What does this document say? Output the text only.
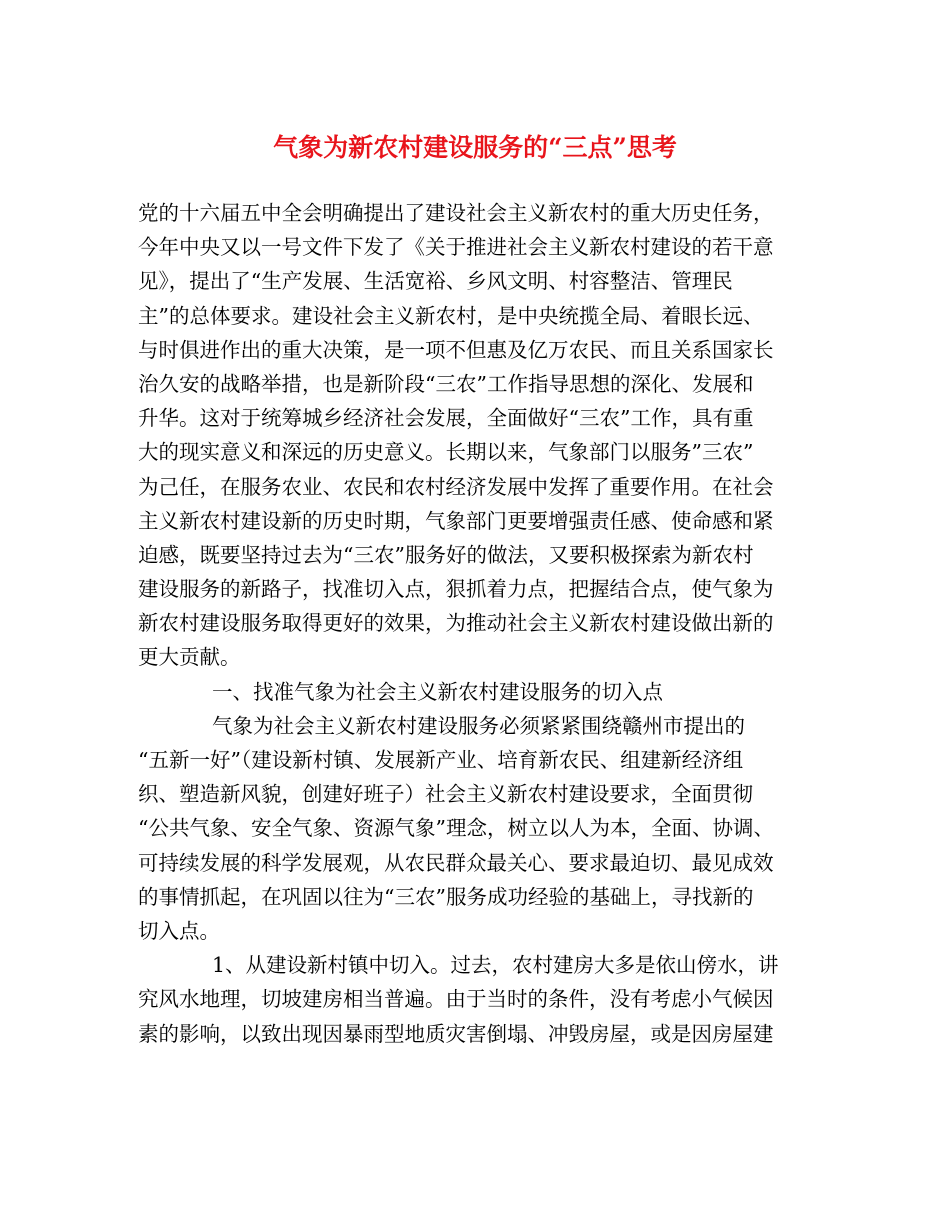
气象为新农村建设服务的“三点”思考
党的十六届五中全会明确提出了建设社会主义新农村的重大历史任务，
今年中央又以一号文件下发了《关于推进社会主义新农村建设的若干意
见》，提出了“生产发展、生活宽裕、乡风文明、村容整洁、管理民
主”的总体要求。建设社会主义新农村，是中央统揽全局、着眼长远、
与时俱进作出的重大决策，是一项不但惠及亿万农民、而且关系国家长
治久安的战略举措，也是新阶段“三农”工作指导思想的深化、发展和
升华。这对于统筹城乡经济社会发展，全面做好“三农”工作，具有重
大的现实意义和深远的历史意义。长期以来，气象部门以服务”三农”
为己任，在服务农业、农民和农村经济发展中发挥了重要作用。在社会
主义新农村建设新的历史时期，气象部门更要增强责任感、使命感和紧
迫感，既要坚持过去为“三农”服务好的做法，又要积极探索为新农村
建设服务的新路子，找准切入点，狠抓着力点，把握结合点，使气象为
新农村建设服务取得更好的效果，为推动社会主义新农村建设做出新的
更大贡献。
一、找准气象为社会主义新农村建设服务的切入点
气象为社会主义新农村建设服务必须紧紧围绕赣州市提出的
“五新一好”（建设新村镇、发展新产业、培育新农民、组建新经济组
织、塑造新风貌，创建好班子）社会主义新农村建设要求，全面贯彻
“公共气象、安全气象、资源气象”理念，树立以人为本，全面、协调、
可持续发展的科学发展观，从农民群众最关心、要求最迫切、最见成效
的事情抓起，在巩固以往为“三农”服务成功经验的基础上，寻找新的
切入点。
1、从建设新村镇中切入。过去，农村建房大多是依山傍水，讲
究风水地理，切坡建房相当普遍。由于当时的条件，没有考虑小气候因
素的影响，以致出现因暴雨型地质灾害倒塌、冲毁房屋，或是因房屋建
